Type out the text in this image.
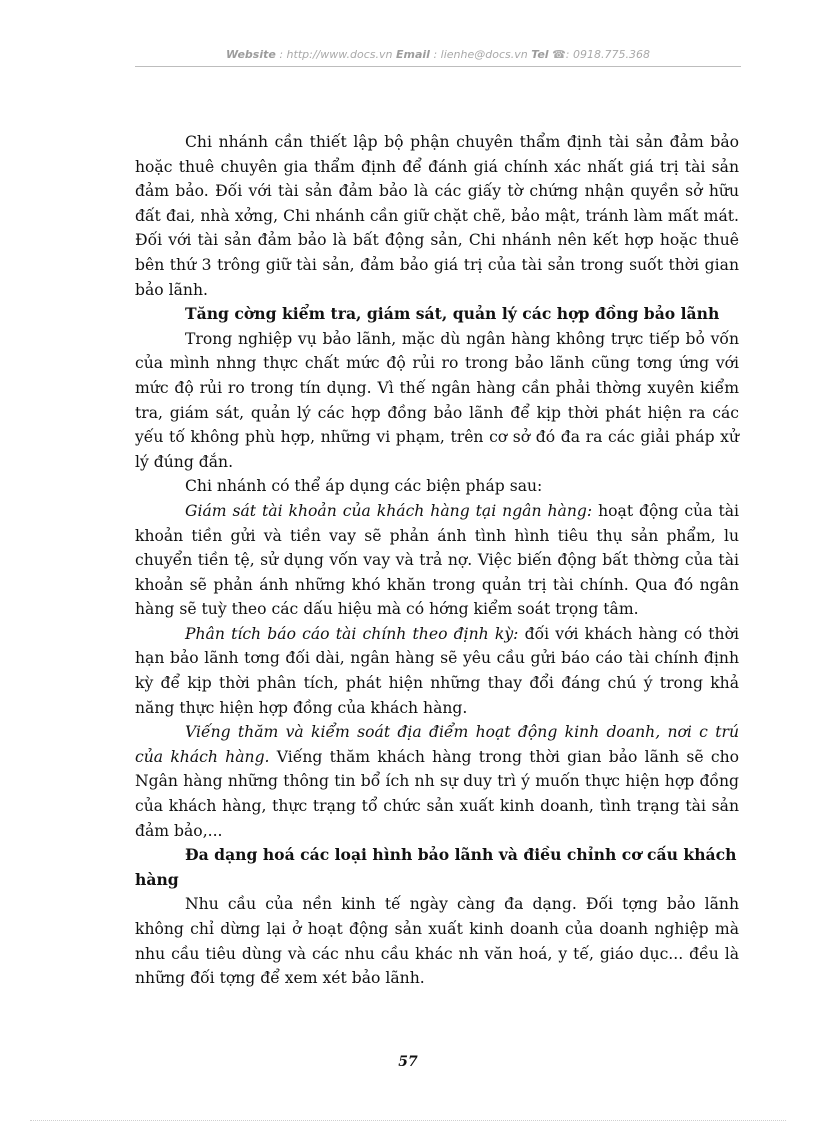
Website : http://www.docs.vn Email : lienhe@docs.vn Tel ☎: 0918.775.368

Chi nhánh cần thiết lập bộ phận chuyên thẩm định tài sản đảm bảo hoặc thuê chuyên gia thẩm định để đánh giá chính xác nhất giá trị tài sản đảm bảo. Đối với tài sản đảm bảo là các giấy tờ chứng nhận quyền sở hữu đất đai, nhà xởng, Chi nhánh cần giữ chặt chẽ, bảo mật, tránh làm mất mát. Đối với tài sản đảm bảo là bất động sản, Chi nhánh nên kết hợp hoặc thuê bên thứ 3 trông giữ tài sản, đảm bảo giá trị của tài sản trong suốt thời gian bảo lãnh.

Tăng cờng kiểm tra, giám sát, quản lý các hợp đồng bảo lãnh

Trong nghiệp vụ bảo lãnh, mặc dù ngân hàng không trực tiếp bỏ vốn của mình nhng thực chất mức độ rủi ro trong bảo lãnh cũng tơng ứng với mức độ rủi ro trong tín dụng. Vì thế ngân hàng cần phải thờng xuyên kiểm tra, giám sát, quản lý các hợp đồng bảo lãnh để kịp thời phát hiện ra các yếu tố không phù hợp, những vi phạm, trên cơ sở đó đa ra các giải pháp xử lý đúng đắn.

Chi nhánh có thể áp dụng các biện pháp sau:

Giám sát tài khoản của khách hàng tại ngân hàng: hoạt động của tài khoản tiền gửi và tiền vay sẽ phản ánh tình hình tiêu thụ sản phẩm, lu chuyển tiền tệ, sử dụng vốn vay và trả nợ. Việc biến động bất thờng của tài khoản sẽ phản ánh những khó khăn trong quản trị tài chính. Qua đó ngân hàng sẽ tuỳ theo các dấu hiệu mà có hớng kiểm soát trọng tâm.

Phân tích báo cáo tài chính theo định kỳ: đối với khách hàng có thời hạn bảo lãnh tơng đối dài, ngân hàng sẽ yêu cầu gửi báo cáo tài chính định kỳ để kịp thời phân tích, phát hiện những thay đổi đáng chú ý trong khả năng thực hiện hợp đồng của khách hàng.

Viếng thăm và kiểm soát địa điểm hoạt động kinh doanh, nơi c trú của khách hàng. Viếng thăm khách hàng trong thời gian bảo lãnh sẽ cho Ngân hàng những thông tin bổ ích nh sự duy trì ý muốn thực hiện hợp đồng của khách hàng, thực trạng tổ chức sản xuất kinh doanh, tình trạng tài sản đảm bảo,...

Đa dạng hoá các loại hình bảo lãnh và điều chỉnh cơ cấu khách hàng

Nhu cầu của nền kinh tế ngày càng đa dạng. Đối tợng bảo lãnh không chỉ dừng lại ở hoạt động sản xuất kinh doanh của doanh nghiệp mà nhu cầu tiêu dùng và các nhu cầu khác nh văn hoá, y tế, giáo dục... đều là những đối tợng để xem xét bảo lãnh.

57
